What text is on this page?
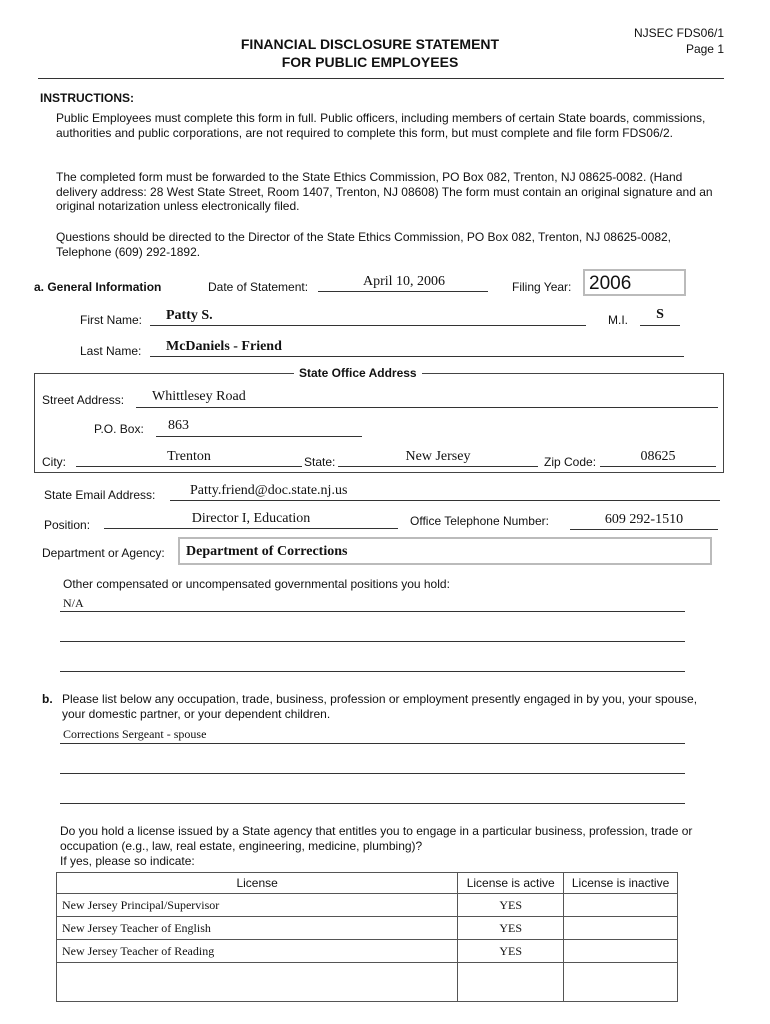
NJSEC FDS06/1
Page 1
FINANCIAL DISCLOSURE STATEMENT
FOR PUBLIC EMPLOYEES
INSTRUCTIONS:
Public Employees must complete this form in full. Public officers, including members of certain State boards, commissions, authorities and public corporations, are not required to complete this form, but must complete and file form FDS06/2.
The completed form must be forwarded to the State Ethics Commission, PO Box 082, Trenton, NJ 08625-0082. (Hand delivery address: 28 West State Street, Room 1407, Trenton, NJ 08608) The form must contain an original signature and an original notarization unless electronically filed.
Questions should be directed to the Director of the State Ethics Commission, PO Box 082, Trenton, NJ 08625-0082, Telephone (609) 292-1892.
a. General Information	Date of Statement:	April 10, 2006	Filing Year: 2006
First Name: Patty S.	M.I.	S
Last Name: McDaniels - Friend
State Office Address
Street Address: Whittlesey Road
P.O. Box: 863
City:	Trenton	State:	New Jersey	Zip Code:	08625
State Email Address: Patty.friend@doc.state.nj.us
Position:	Director I, Education	Office Telephone Number:	609 292-1510
Department or Agency: Department of Corrections
Other compensated or uncompensated governmental positions you hold:
N/A
b. Please list below any occupation, trade, business, profession or employment presently engaged in by you, your spouse, your domestic partner, or your dependent children.
Corrections Sergeant - spouse
Do you hold a license issued by a State agency that entitles you to engage in a particular business, profession, trade or occupation (e.g., law, real estate, engineering, medicine, plumbing)?
If yes, please so indicate:
License	License is active	License is inactive
New Jersey Principal/Supervisor	YES	
New Jersey Teacher of English	YES	
New Jersey Teacher of Reading	YES	
